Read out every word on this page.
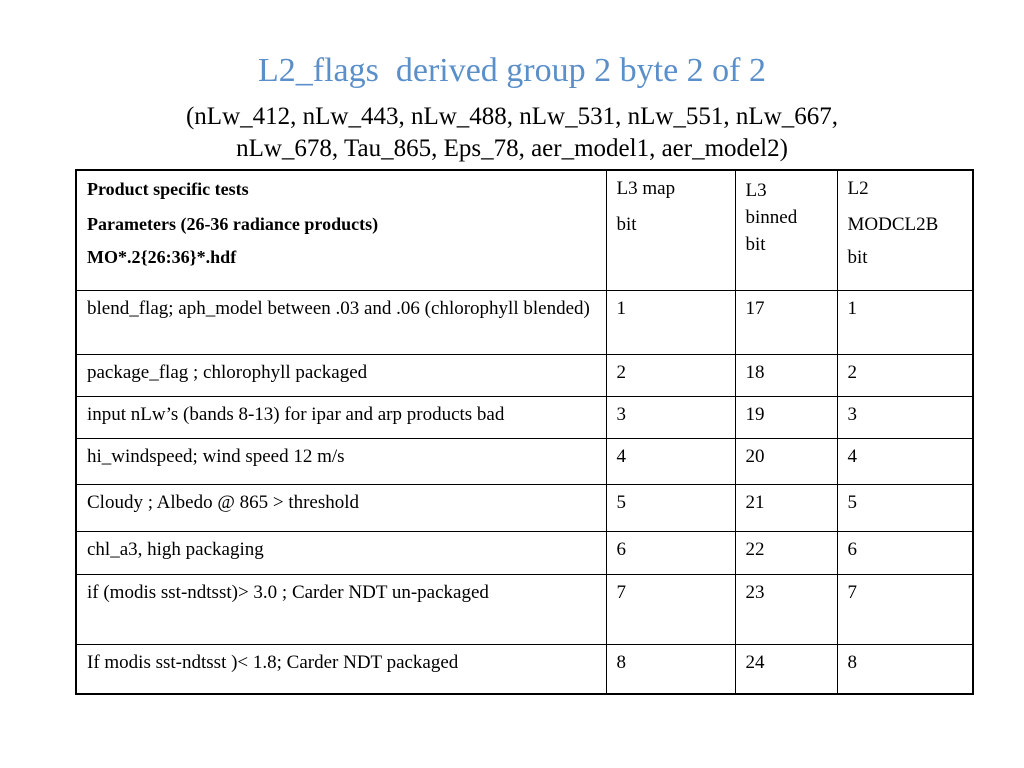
L2_flags  derived group 2 byte 2 of 2
(nLw_412, nLw_443, nLw_488, nLw_531, nLw_551, nLw_667,
nLw_678, Tau_865, Eps_78, aer_model1, aer_model2)
Product specific tests
Parameters (26-36 radiance products)
MO*.2{26:36}*.hdf	L3 map
bit	L3
binned
bit	L2
MODCL2B
bit

blend_flag; aph_model between .03 and .06 (chlorophyll blended)	1	17	1
package_flag ; chlorophyll packaged	2	18	2
input nLw’s (bands 8-13) for ipar and arp products bad	3	19	3
hi_windspeed; wind speed 12 m/s	4	20	4
Cloudy ; Albedo @ 865 > threshold	5	21	5
chl_a3, high packaging	6	22	6
if (modis sst-ndtsst)> 3.0 ; Carder NDT un-packaged	7	23	7
If modis sst-ndtsst )< 1.8; Carder NDT packaged	8	24	8
